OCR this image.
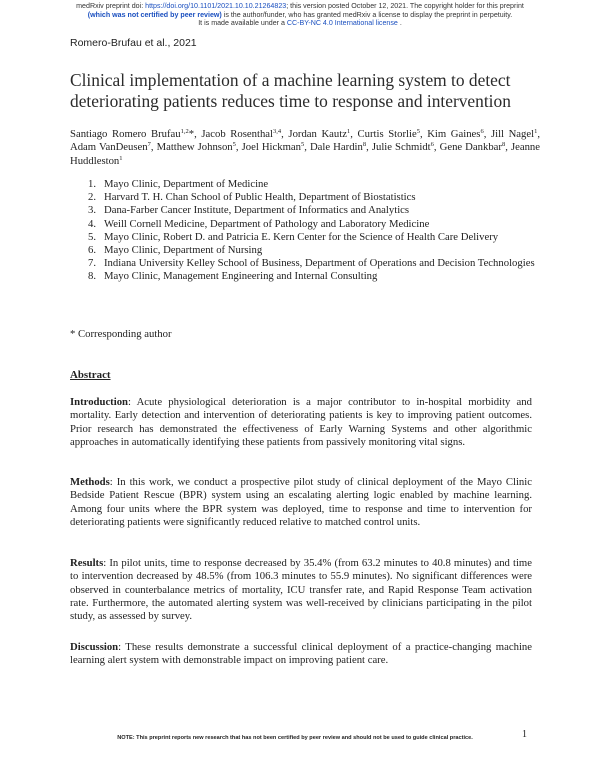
medRxiv preprint doi: https://doi.org/10.1101/2021.10.10.21264823; this version posted October 12, 2021. The copyright holder for this preprint
(which was not certified by peer review) is the author/funder, who has granted medRxiv a license to display the preprint in perpetuity.
It is made available under a CC-BY-NC 4.0 International license .
Romero-Brufau et al., 2021
Clinical implementation of a machine learning system to detect deteriorating patients reduces time to response and intervention
Santiago Romero Brufau$^{1,2}$*, Jacob Rosenthal$^{3,4}$, Jordan Kautz$^1$, Curtis Storlie$^5$, Kim Gaines$^6$, Jill Nagel$^1$, Adam VanDeusen$^7$, Matthew Johnson$^5$, Joel Hickman$^5$, Dale Hardin$^8$, Julie Schmidt$^6$, Gene Dankbar$^8$, Jeanne Huddleston$^1$
1. Mayo Clinic, Department of Medicine
2. Harvard T. H. Chan School of Public Health, Department of Biostatistics
3. Dana-Farber Cancer Institute, Department of Informatics and Analytics
4. Weill Cornell Medicine, Department of Pathology and Laboratory Medicine
5. Mayo Clinic, Robert D. and Patricia E. Kern Center for the Science of Health Care Delivery
6. Mayo Clinic, Department of Nursing
7. Indiana University Kelley School of Business, Department of Operations and Decision Technologies
8. Mayo Clinic, Management Engineering and Internal Consulting
* Corresponding author
Abstract

Introduction: Acute physiological deterioration is a major contributor to in-hospital morbidity and mortality. Early detection and intervention of deteriorating patients is key to improving patient outcomes. Prior research has demonstrated the effectiveness of Early Warning Systems and other algorithmic approaches in automatically identifying these patients from passively monitoring vital signs.

Methods: In this work, we conduct a prospective pilot study of clinical deployment of the Mayo Clinic Bedside Patient Rescue (BPR) system using an escalating alerting logic enabled by machine learning. Among four units where the BPR system was deployed, time to response and time to intervention for deteriorating patients were significantly reduced relative to matched control units.

Results: In pilot units, time to response decreased by 35.4% (from 63.2 minutes to 40.8 minutes) and time to intervention decreased by 48.5% (from 106.3 minutes to 55.9 minutes). No significant differences were observed in counterbalance metrics of mortality, ICU transfer rate, and Rapid Response Team activation rate. Furthermore, the automated alerting system was well-received by clinicians participating in the pilot study, as assessed by survey.

Discussion: These results demonstrate a successful clinical deployment of a practice-changing machine learning alert system with demonstrable impact on improving patient care.

NOTE: This preprint reports new research that has not been certified by peer review and should not be used to guide clinical practice.	1
